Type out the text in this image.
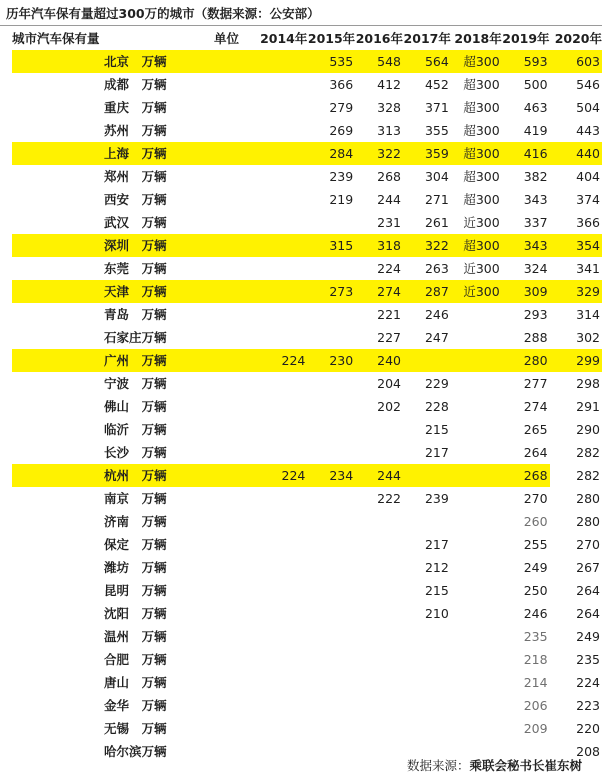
历年汽车保有量超过300万的城市（数据来源：公安部）
城市汽车保有量	单位	2014年	2015年	2016年	2017年	2018年	2019年	2020年
北京	万辆		535	548	564	超300	593	603
成都	万辆		366	412	452	超300	500	546
重庆	万辆		279	328	371	超300	463	504
苏州	万辆		269	313	355	超300	419	443
上海	万辆		284	322	359	超300	416	440
郑州	万辆		239	268	304	超300	382	404
西安	万辆		219	244	271	超300	343	374
武汉	万辆			231	261	近300	337	366
深圳	万辆		315	318	322	超300	343	354
东莞	万辆			224	263	近300	324	341
天津	万辆		273	274	287	近300	309	329
青岛	万辆			221	246		293	314
石家庄	万辆			227	247		288	302
广州	万辆	224	230	240			280	299
宁波	万辆			204	229		277	298
佛山	万辆			202	228		274	291
临沂	万辆				215		265	290
长沙	万辆				217		264	282
杭州	万辆	224	234	244			268	282
南京	万辆			222	239		270	280
济南	万辆						260	280
保定	万辆				217		255	270
潍坊	万辆				212		249	267
昆明	万辆				215		250	264
沈阳	万辆				210		246	264
温州	万辆						235	249
合肥	万辆						218	235
唐山	万辆						214	224
金华	万辆						206	223
无锡	万辆						209	220
哈尔滨	万辆							208
数据来源：乘联会秘书长崔东树
